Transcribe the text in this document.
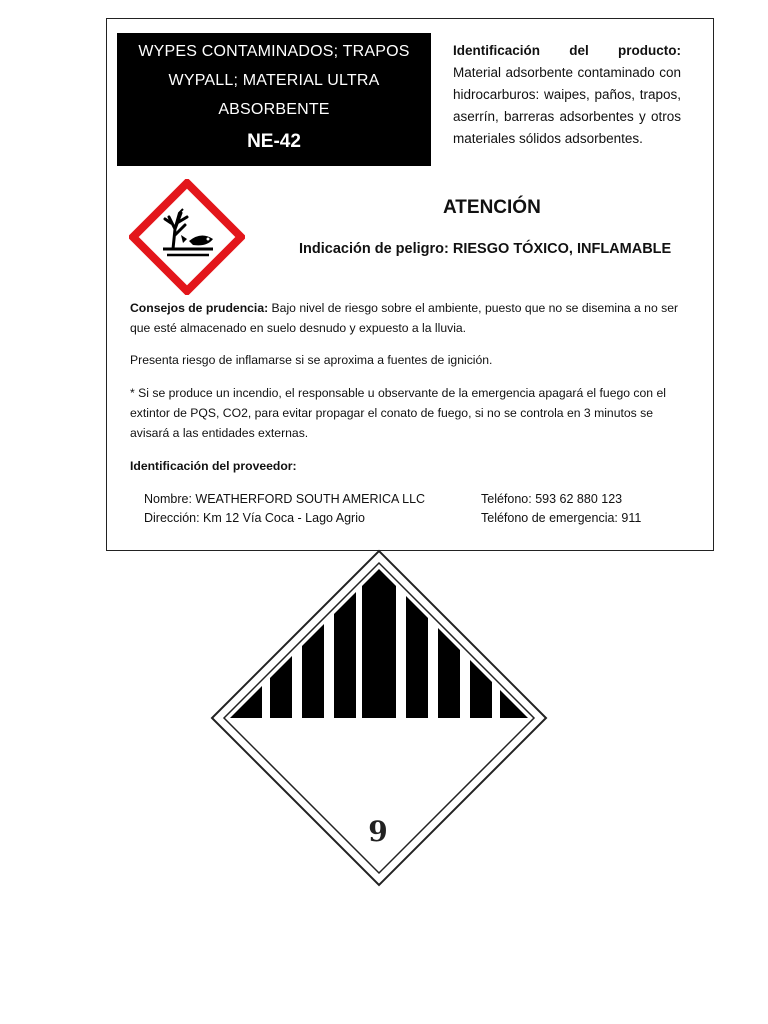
WYPES CONTAMINADOS; TRAPOS WYPALL; MATERIAL ULTRA ABSORBENTE
NE-42
Identificación del producto: Material adsorbente contaminado con hidrocarburos: waipes, paños, trapos, aserrín, barreras adsorbentes y otros materiales sólidos adsorbentes.
ATENCIÓN
Indicación de peligro: RIESGO TÓXICO, INFLAMABLE
Consejos de prudencia: Bajo nivel de riesgo sobre el ambiente, puesto que no se disemina a no ser que esté almacenado en suelo desnudo y expuesto a la lluvia.
Presenta riesgo de inflamarse si se aproxima a fuentes de ignición.
* Si se produce un incendio, el responsable u observante de la emergencia apagará el fuego con el extintor de PQS, CO2, para evitar propagar el conato de fuego, si no se controla en 3 minutos se avisará a las entidades externas.
Identificación del proveedor:
Nombre: WEATHERFORD SOUTH AMERICA LLC
Dirección: Km 12 Vía Coca - Lago Agrio
Teléfono: 593 62 880 123
Teléfono de emergencia: 911
9
